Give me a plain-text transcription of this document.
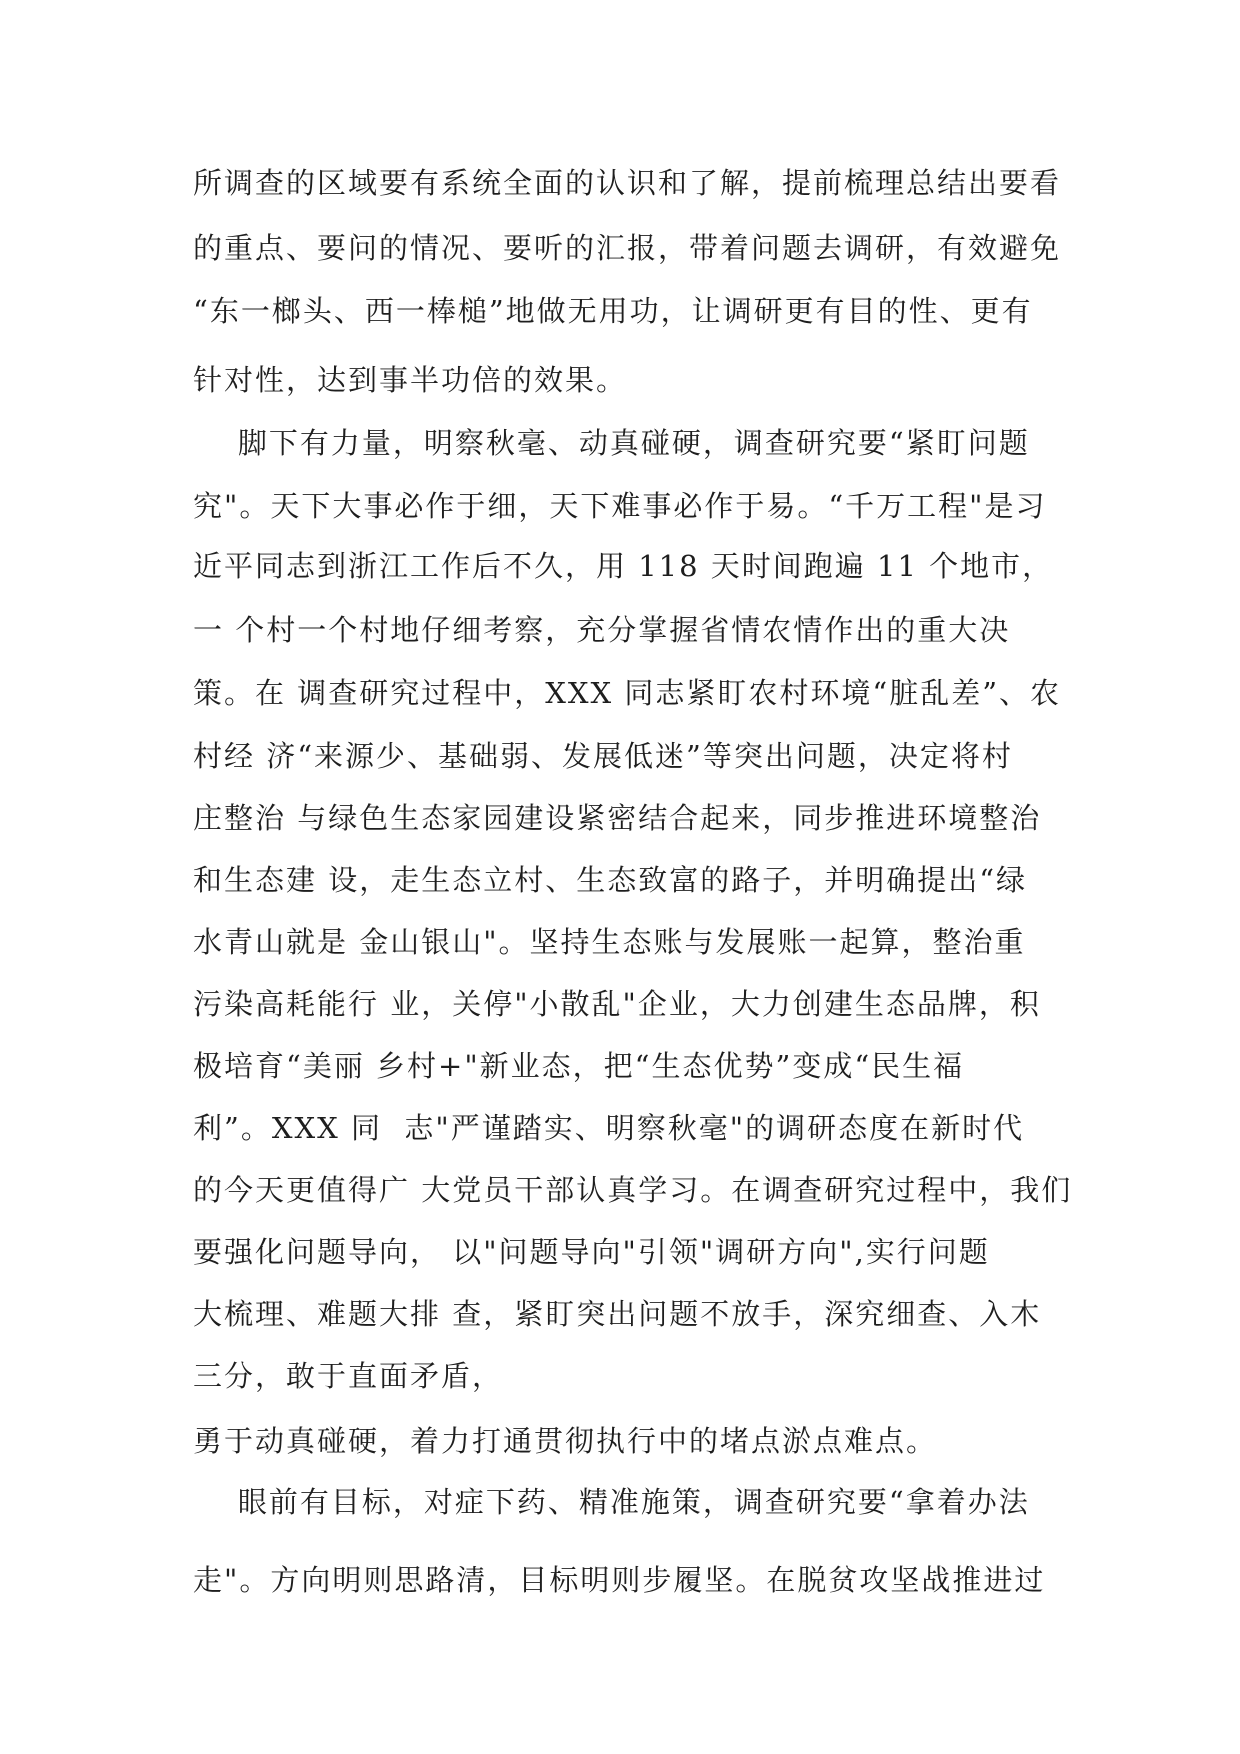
所调查的区域要有系统全面的认识和了解，提前梳理总结出要看
的重点、要问的情况、要听的汇报，带着问题去调研，有效避免
“东一榔头、西一棒槌”地做无用功，让调研更有目的性、更有
针对性，达到事半功倍的效果。
脚下有力量，明察秋毫、动真碰硬，调查研究要“紧盯问题
究"。天下大事必作于细，天下难事必作于易。“千万工程"是习
近平同志到浙江工作后不久，用 118 天时间跑遍 11 个地市，
一 个村一个村地仔细考察，充分掌握省情农情作出的重大决
策。在 调查研究过程中，XXX 同志紧盯农村环境“脏乱差”、农
村经 济“来源少、基础弱、发展低迷”等突出问题，决定将村
庄整治 与绿色生态家园建设紧密结合起来，同步推进环境整治
和生态建 设，走生态立村、生态致富的路子，并明确提出“绿
水青山就是 金山银山"。坚持生态账与发展账一起算，整治重
污染高耗能行 业，关停"小散乱"企业，大力创建生态品牌，积
极培育“美丽 乡村+"新业态，把“生态优势”变成“民生福
利”。XXX 同  志"严谨踏实、明察秋毫"的调研态度在新时代
的今天更值得广 大党员干部认真学习。在调查研究过程中，我们
要强化问题导向， 以"问题导向"引领"调研方向",实行问题
大梳理、难题大排 查，紧盯突出问题不放手，深究细查、入木
三分，敢于直面矛盾，
勇于动真碰硬，着力打通贯彻执行中的堵点淤点难点。
眼前有目标，对症下药、精准施策，调查研究要“拿着办法
走"。方向明则思路清，目标明则步履坚。在脱贫攻坚战推进过
